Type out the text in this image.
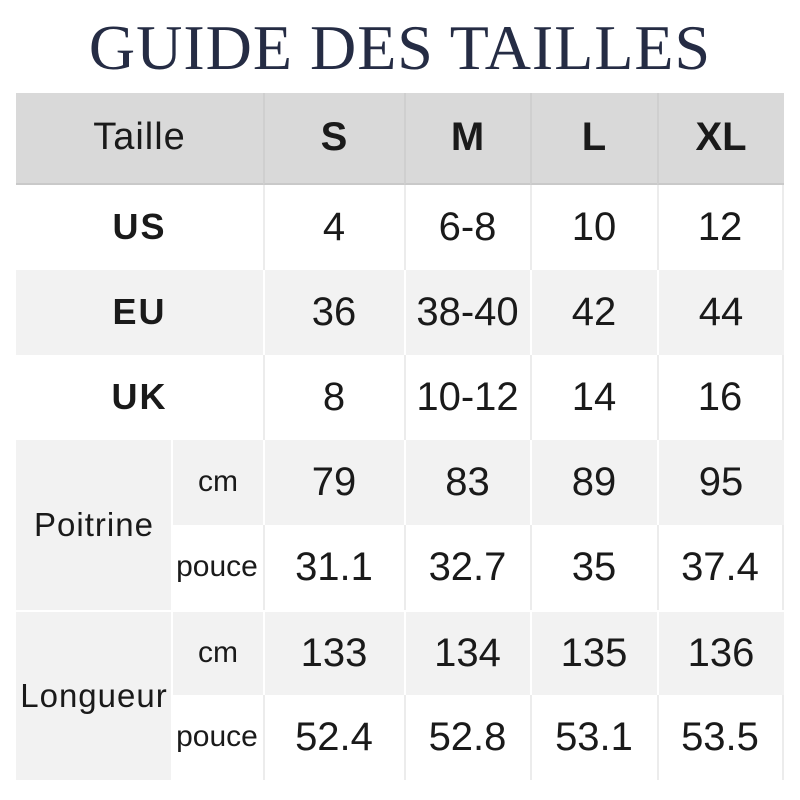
GUIDE DES TAILLES
Taille		S	M	L	XL
US		4	6-8	10	12
EU		36	38-40	42	44
UK		8	10-12	14	16
Poitrine	cm	79	83	89	95
	pouce	31.1	32.7	35	37.4
Longueur	cm	133	134	135	136
	pouce	52.4	52.8	53.1	53.5
